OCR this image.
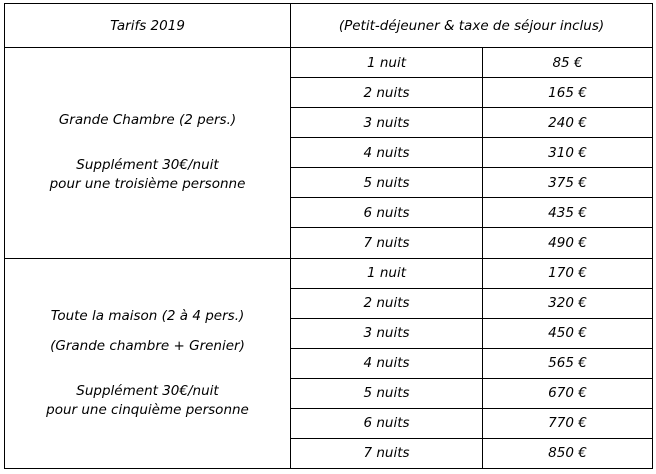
Tarifs 2019	(Petit-déjeuner & taxe de séjour inclus)	

Grande Chambre (2 pers.)

Supplément 30€/nuit

pour une troisième personne	1 nuit	85 €
	2 nuits	165 €
	3 nuits	240 €
	4 nuits	310 €
	5 nuits	375 €
	6 nuits	435 €
	7 nuits	490 €

Toute la maison (2 à 4 pers.)

(Grande chambre + Grenier)

Supplément 30€/nuit

pour une cinquième personne	1 nuit	170 €
	2 nuits	320 €
	3 nuits	450 €
	4 nuits	565 €
	5 nuits	670 €
	6 nuits	770 €
	7 nuits	850 €
